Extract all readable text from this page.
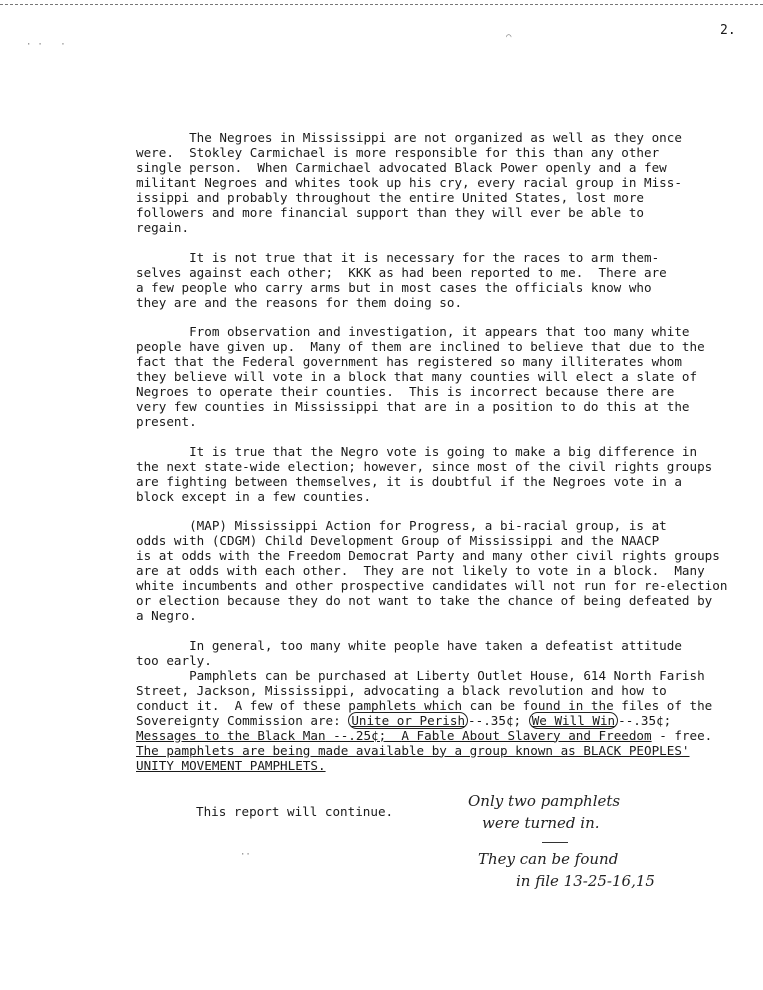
·· ·
⌒
··
2.
The Negroes in Mississippi are not organized as well as they once
were.  Stokley Carmichael is more responsible for this than any other
single person.  When Carmichael advocated Black Power openly and a few
militant Negroes and whites took up his cry, every racial group in Miss-
issippi and probably throughout the entire United States, lost more
followers and more financial support than they will ever be able to
regain.
It is not true that it is necessary for the races to arm them-
selves against each other;  KKK as had been reported to me.  There are
a few people who carry arms but in most cases the officials know who
they are and the reasons for them doing so.
From observation and investigation, it appears that too many white
people have given up.  Many of them are inclined to believe that due to the
fact that the Federal government has registered so many illiterates whom
they believe will vote in a block that many counties will elect a slate of
Negroes to operate their counties.  This is incorrect because there are
very few counties in Mississippi that are in a position to do this at the
present.
It is true that the Negro vote is going to make a big difference in
the next state-wide election; however, since most of the civil rights groups
are fighting between themselves, it is doubtful if the Negroes vote in a
block except in a few counties.
(MAP) Mississippi Action for Progress, a bi-racial group, is at
odds with (CDGM) Child Development Group of Mississippi and the NAACP
is at odds with the Freedom Democrat Party and many other civil rights groups
are at odds with each other.  They are not likely to vote in a block.  Many
white incumbents and other prospective candidates will not run for re-election
or election because they do not want to take the chance of being defeated by
a Negro.
In general, too many white people have taken a defeatist attitude
too early.
Pamphlets can be purchased at Liberty Outlet House, 614 North Farish
Street, Jackson, Mississippi, advocating a black revolution and how to
conduct it.  A few of these pamphlets which can be found in the files of the
Sovereignty Commission are: Unite or Perish --.35¢; We Will Win --.35¢;
Messages to the Black Man --.25¢;  A Fable About Slavery and Freedom - free.
The pamphlets are being made available by a group known as BLACK PEOPLES'
UNITY MOVEMENT PAMPHLETS.
This report will continue.
Only two pamphlets
were turned in.
They can be found
in file 13-25-16,15
